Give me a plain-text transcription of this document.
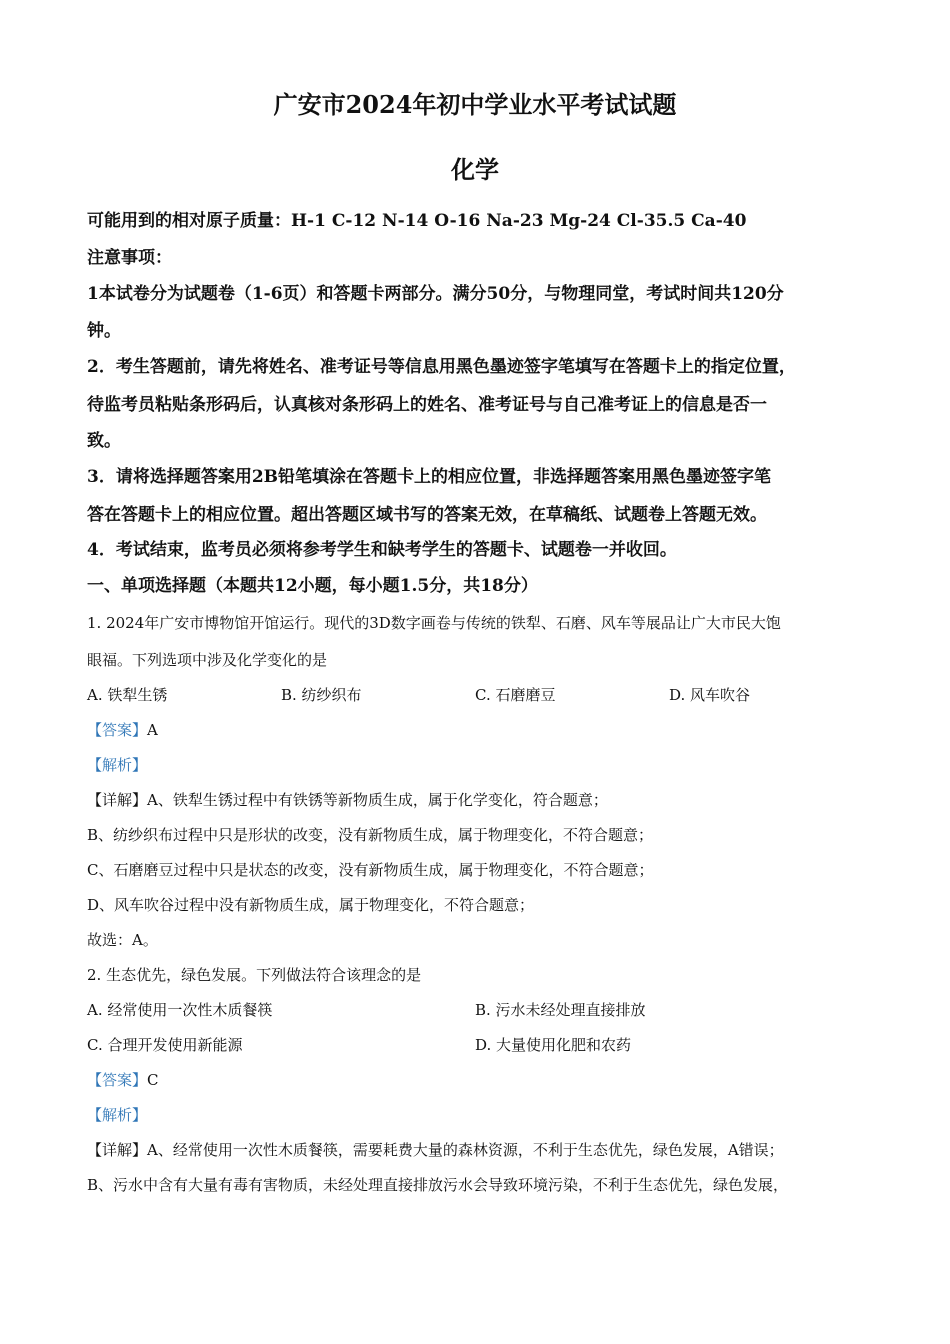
广安市2024年初中学业水平考试试题
化学
可能用到的相对原子质量：H-1 C-12 N-14 O-16 Na-23 Mg-24 Cl-35.5 Ca-40
注意事项：
1本试卷分为试题卷（1-6页）和答题卡两部分。满分50分，与物理同堂，考试时间共120分
钟。
2．考生答题前，请先将姓名、准考证号等信息用黑色墨迹签字笔填写在答题卡上的指定位置，
待监考员粘贴条形码后，认真核对条形码上的姓名、准考证号与自己准考证上的信息是否一
致。
3．请将选择题答案用2B铅笔填涂在答题卡上的相应位置，非选择题答案用黑色墨迹签字笔
答在答题卡上的相应位置。超出答题区域书写的答案无效，在草稿纸、试题卷上答题无效。
4．考试结束，监考员必须将参考学生和缺考学生的答题卡、试题卷一并收回。
一、单项选择题（本题共12小题，每小题1.5分，共18分）
1. 2024年广安市博物馆开馆运行。现代的3D数字画卷与传统的铁犁、石磨、风车等展品让广大市民大饱
眼福。下列选项中涉及化学变化的是
A. 铁犁生锈	B. 纺纱织布	C. 石磨磨豆	D. 风车吹谷
【答案】A
【解析】
【详解】A、铁犁生锈过程中有铁锈等新物质生成，属于化学变化，符合题意；
B、纺纱织布过程中只是形状的改变，没有新物质生成，属于物理变化，不符合题意；
C、石磨磨豆过程中只是状态的改变，没有新物质生成，属于物理变化，不符合题意；
D、风车吹谷过程中没有新物质生成，属于物理变化，不符合题意；
故选：A。
2. 生态优先，绿色发展。下列做法符合该理念的是
A. 经常使用一次性木质餐筷	B. 污水未经处理直接排放
C. 合理开发使用新能源	D. 大量使用化肥和农药
【答案】C
【解析】
【详解】A、经常使用一次性木质餐筷，需要耗费大量的森林资源，不利于生态优先，绿色发展，A错误；
B、污水中含有大量有毒有害物质，未经处理直接排放污水会导致环境污染，不利于生态优先，绿色发展，
